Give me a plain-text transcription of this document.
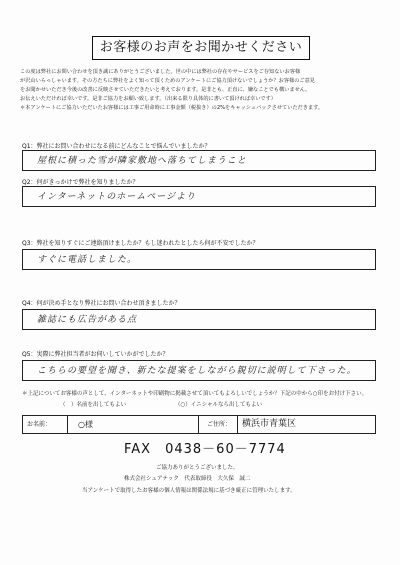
お客様のお声をお聞かせください
この度は弊社にお問い合わせを頂き誠にありがとうございました。世の中には弊社の存在やサービスをご存知ないお客様
が沢山いらっしゃいます。その方たちに弊社をよく知って頂くためのアンケートにご協力頂けないでしょうか？お客様のご意見
をお聞かせいただき今後の改善に反映させていただきたいと考えております。是非とも、正直に、嫌なことでも構いません。
お伝えいただければ幸いです。是非ご協力をお願い致します。（出来る限り具体的に書いて頂ければ幸いです）
＊本アンケートにご協力いただいたお客様には工事ご用命時に工事金額（税抜き）の2%をキャッシュバックさせていただきます。
Q1：弊社にお問い合わせになる前にどんなことで悩んでいましたか？
屋根に積った雪が隣家敷地へ落ちてしまうこと
Q2：何がきっかけで弊社を知りましたか？
インターネットのホームページより
Q3：弊社を知りすぐにご連絡頂けましたか？もし迷われたとしたら何が不安でしたか？
すぐに電話しました。
Q4：何が決め手となり弊社にお問い合わせ頂きましたか？
雑誌にも広告がある点
Q5：実際に弊社担当者がお伺いしていかがでしたか？
こちらの要望を聞き、新たな提案をしながら親切に説明して下さった。
＊上記についてお客様の声として、インターネットや印刷物に掲載させて頂いてもよろしいでしょうか？下記の中から○印をお付け下さい。
（　）名前を出してもよい	（○）イニシャルなら出してもよい
お名前：	○様	ご住所：	横浜市青葉区
FAX　0438－60－7774
ご協力ありがとうございました。
株式会社シェアテック　代表取締役　大久保　誠二
当アンケートで取得したお客様の個人情報は関係法規に基づき厳正に管理いたします。
